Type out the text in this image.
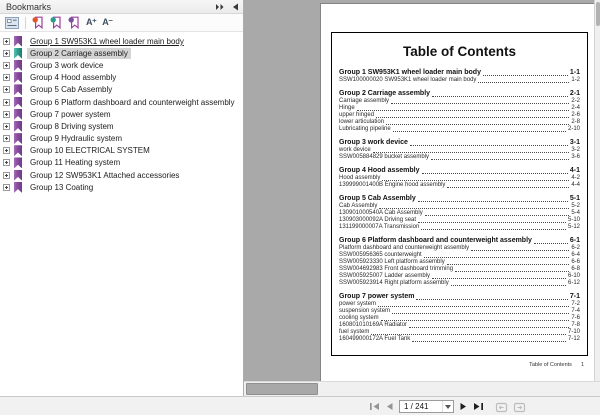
Bookmarks
A⁺ A⁻
Group 1 SW953K1 wheel loader main body
Group 2 Carriage assembly
Group 3 work device
Group 4 Hood assembly
Group 5 Cab Assembly
Group 6 Platform dashboard and counterweight assembly
Group 7 power system
Group 8 Driving system
Group 9 Hydraulic system
Group 10 ELECTRICAL SYSTEM
Group 11 Heating system
Group 12 SW953K1 Attached accessories
Group 13 Coating
Table of Contents
Group 1 SW953K1 wheel loader main body	1-1
SSW100000020 SW953K1 wheel loader main body	1-2
Group 2 Carriage assembly	2-1
Carriage assembly	2-2
Hinge	2-4
upper hinged	2-6
lower articulation	2-8
Lubricating pipeline	2-10
Group 3 work device	3-1
work device	3-2
SSW005884829 bucket assembly	3-6
Group 4 Hood assembly	4-1
Hood assembly	4-2
139999001400B Engine hood assembly	4-4
Group 5 Cab Assembly	5-1
Cab Assembly	5-2
130901000540A Cab Assembly	5-4
130903000092A Driving seat	5-10
131199000007A Transmission	5-12
Group 6 Platform dashboard and counterweight assembly	6-1
Platform dashboard and counterweight assembly	6-2
SSW005956365 counterweight	6-4
SSW005923330 Left platform assembly	6-6
SSW004692983 Front dashboard trimming	6-8
SSW005925007 Ladder assembly	6-10
SSW005923914 Right platform assembly	6-12
Group 7 power system	7-1
power system	7-2
suspension system	7-4
cooling system	7-6
160801010169A Radiator	7-8
fuel system	7-10
160499000172A Fuel Tank	7-12
Table of Contents 1
1 / 241
